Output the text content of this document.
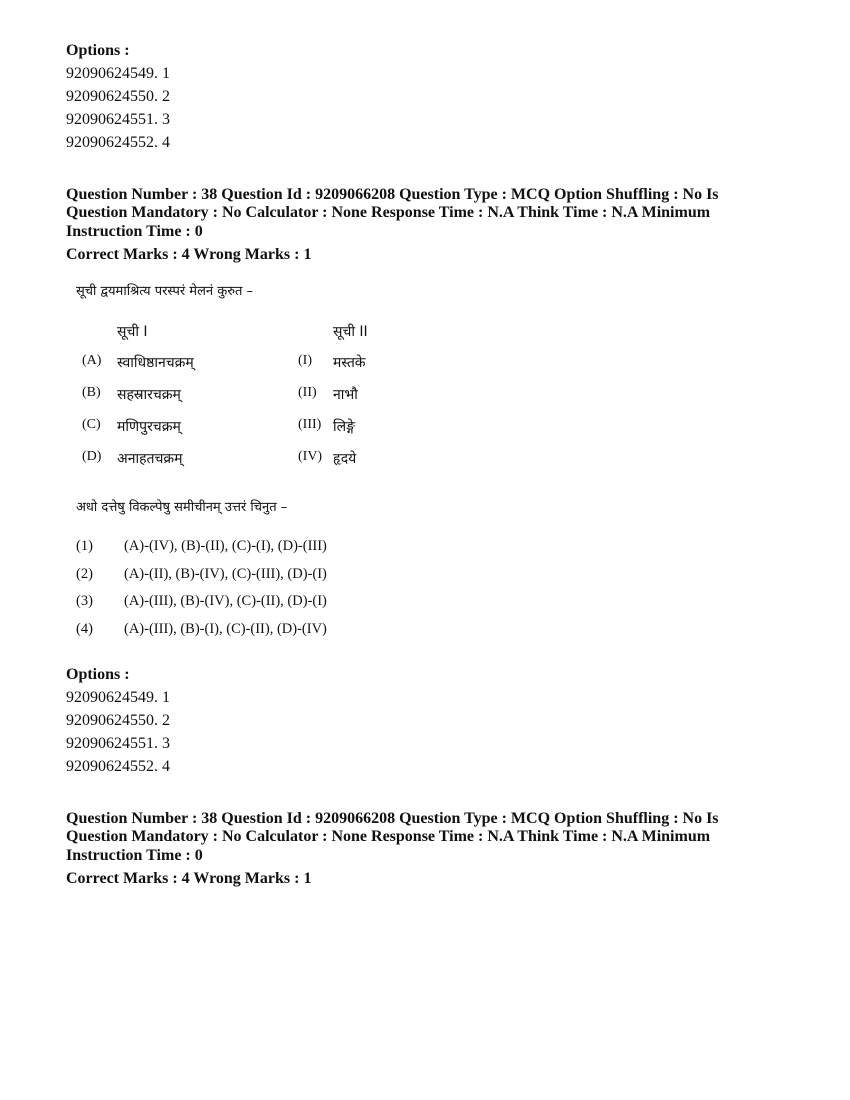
Options :
92090624549. 1
92090624550. 2
92090624551. 3
92090624552. 4
Question Number : 38 Question Id : 9209066208 Question Type : MCQ Option Shuffling : No Is
Question Mandatory : No Calculator : None Response Time : N.A Think Time : N.A Minimum
Instruction Time : 0
Correct Marks : 4 Wrong Marks : 1
सूची द्वयमाश्रित्य परस्परं मेलनं कुरुत –
सूची I	सूची II
(A) स्वाधिष्ठानचक्रम्	(I) मस्तके
(B) सहस्रारचक्रम्	(II) नाभौ
(C) मणिपुरचक्रम्	(III) लिङ्गे
(D) अनाहतचक्रम्	(IV) हृदये
अधो दत्तेषु विकल्पेषु समीचीनम् उत्तरं चिनुत –
(1) (A)-(IV), (B)-(II), (C)-(I), (D)-(III)
(2) (A)-(II), (B)-(IV), (C)-(III), (D)-(I)
(3) (A)-(III), (B)-(IV), (C)-(II), (D)-(I)
(4) (A)-(III), (B)-(I), (C)-(II), (D)-(IV)
Options :
92090624549. 1
92090624550. 2
92090624551. 3
92090624552. 4
Question Number : 38 Question Id : 9209066208 Question Type : MCQ Option Shuffling : No Is
Question Mandatory : No Calculator : None Response Time : N.A Think Time : N.A Minimum
Instruction Time : 0
Correct Marks : 4 Wrong Marks : 1
